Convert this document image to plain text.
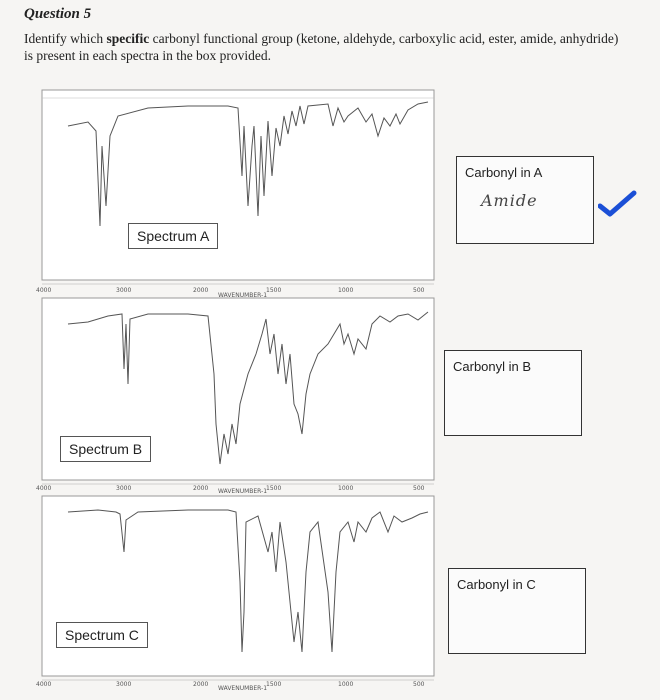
Question 5
Identify which specific carbonyl functional group (ketone, aldehyde, carboxylic acid, ester, amide, anhydride) is present in each spectra in the box provided.
4000	3000	2000	1500	1000	500
WAVENUMBER-1
Spectrum A
4000	3000	2000	1500	1000	500
WAVENUMBER-1
Spectrum B
4000	3000	2000	1500	1000	500
WAVENUMBER-1
Spectrum C
Carbonyl in A
Amide
Carbonyl in B
Carbonyl in C
